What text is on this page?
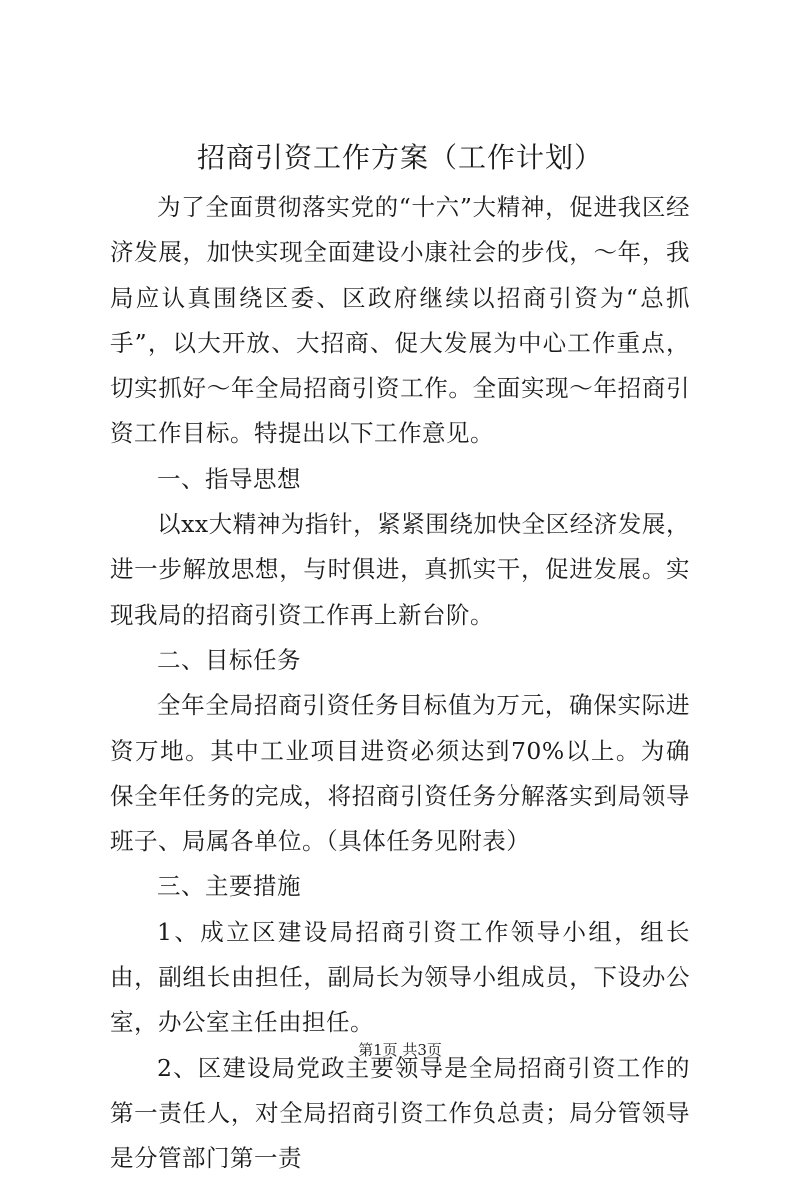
招商引资工作方案（工作计划）

为了全面贯彻落实党的“十六”大精神，促进我区经济发展，加快实现全面建设小康社会的步伐，～年，我局应认真围绕区委、区政府继续以招商引资为“总抓手”，以大开放、大招商、促大发展为中心工作重点，切实抓好～年全局招商引资工作。全面实现～年招商引资工作目标。特提出以下工作意见。

一、指导思想

以xx大精神为指针，紧紧围绕加快全区经济发展，进一步解放思想，与时俱进，真抓实干，促进发展。实现我局的招商引资工作再上新台阶。

二、目标任务

全年全局招商引资任务目标值为万元，确保实际进资万地。其中工业项目进资必须达到70%以上。为确保全年任务的完成，将招商引资任务分解落实到局领导班子、局属各单位。（具体任务见附表）

三、主要措施

1、成立区建设局招商引资工作领导小组，组长由，副组长由担任，副局长为领导小组成员，下设办公室，办公室主任由担任。

2、区建设局党政主要领导是全局招商引资工作的第一责任人，对全局招商引资工作负总责；局分管领导是分管部门第一责

第1页 共3页
